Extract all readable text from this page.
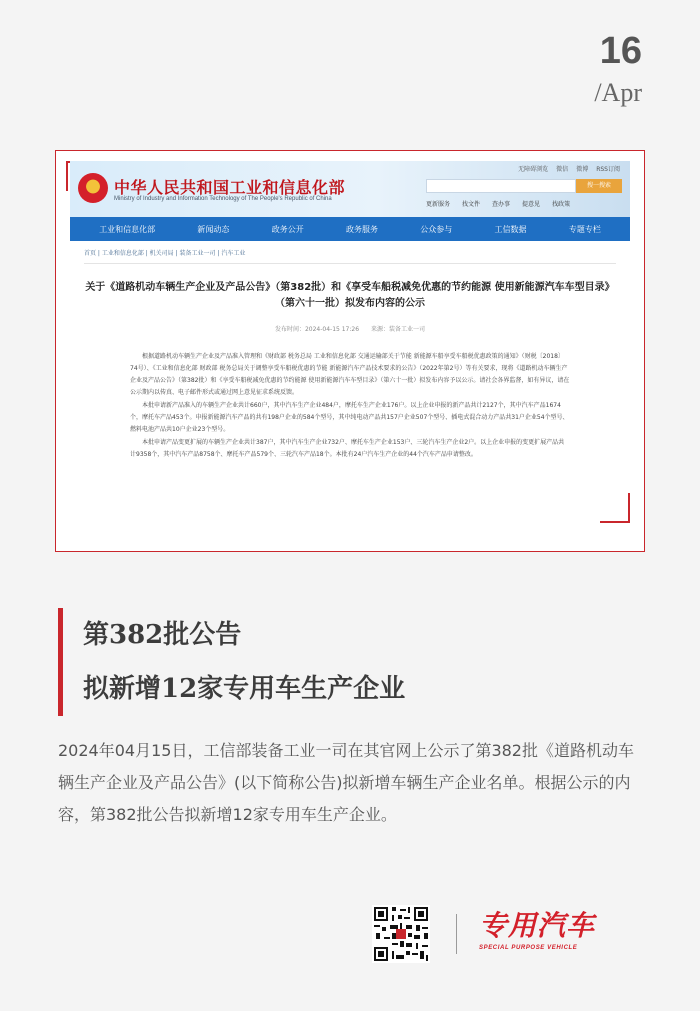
16
/Apr
中华人民共和国工业和信息化部
Ministry of Industry and Information Technology of The People's Republic of China
无障碍浏览 微信 微博 RSS订阅
搜一搜索
更新服务 找文件 查办事 提意见 找政策
工业和信息化部	新闻动态	政务公开	政务服务	公众参与	工信数据	专题专栏
首页 | 工业和信息化部 | 机关司局 | 装备工业一司 | 汽车工业
关于《道路机动车辆生产企业及产品公告》（第382批）和《享受车船税减免优惠的节约能源 使用新能源汽车车型目录》（第六十一批）拟发布内容的公示
发布时间：2024-04-15 17:26　　来源：装备工业一司

根据道路机动车辆生产企业及产品准入管理和《财政部 税务总局 工业和信息化部 交通运输部关于节能 新能源车船享受车船税优惠政策的通知》（财税〔2018〕74号）、《工业和信息化部 财政部 税务总局关于调整享受车船税优惠的节能 新能源汽车产品技术要求的公告》（2022年第2号）等有关要求，现将《道路机动车辆生产企业及产品公告》（第382批）和《享受车船税减免优惠的节约能源 使用新能源汽车车型目录》（第六十一批）拟发布内容予以公示。请社会各界监督，如有异议，请在公示期内以传真、电子邮件形式或通过网上意见征求系统反馈。

本批申请新产品准入的车辆生产企业共计660户，其中汽车生产企业484户，摩托车生产企业176户。以上企业申报的新产品共计2127个，其中汽车产品1674个，摩托车产品453个。申报新能源汽车产品的共有198户企业的584个型号，其中纯电动产品共157户企业507个型号、插电式混合动力产品共31户企业54个型号、燃料电池产品共10户企业23个型号。

本批申请产品变更扩展的车辆生产企业共计387户，其中汽车生产企业732户、摩托车生产企业153户、三轮汽车生产企业2户。以上企业申报的变更扩展产品共计9358个，其中汽车产品8758个、摩托车产品579个、三轮汽车产品18个。本批有24户汽车生产企业的44个汽车产品申请整改。

第382批公告
拟新增12家专用车生产企业
2024年04月15日，工信部装备工业一司在其官网上公示了第382批《道路机动车辆生产企业及产品公告》(以下简称公告)拟新增车辆生产企业名单。根据公示的内容，第382批公告拟新增12家专用车生产企业。
专用汽车
SPECIAL PURPOSE VEHICLE
